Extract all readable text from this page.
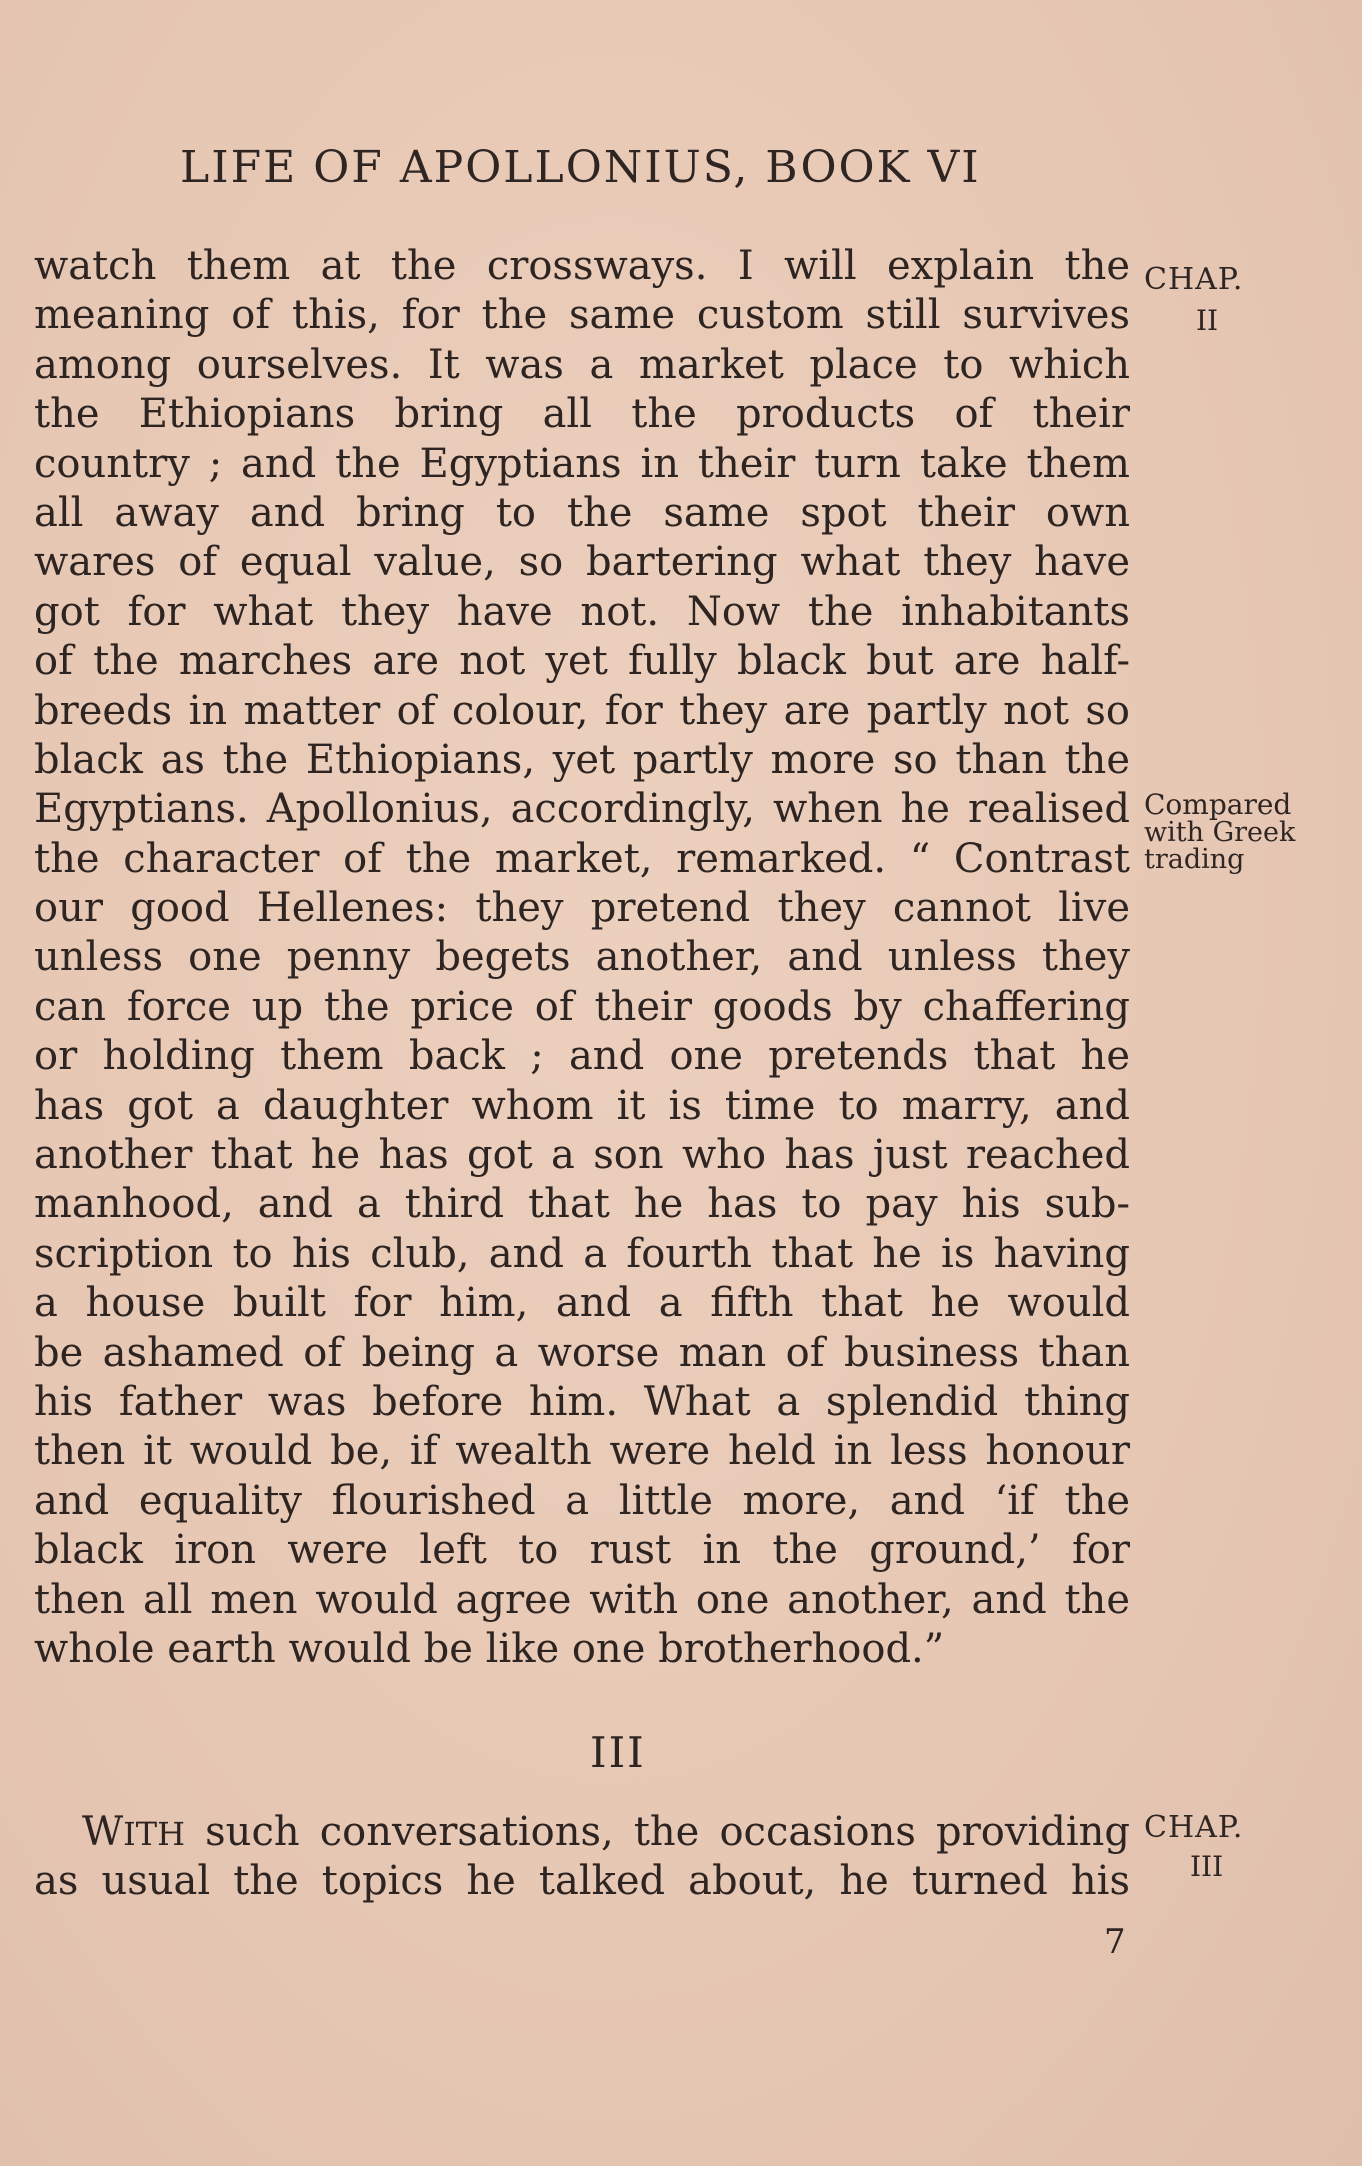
LIFE OF APOLLONIUS, BOOK VI
watch them at the crossways. I will explain the
meaning of this, for the same custom still survives
among ourselves. It was a market place to which
the Ethiopians bring all the products of their
country ; and the Egyptians in their turn take them
all away and bring to the same spot their own
wares of equal value, so bartering what they have
got for what they have not. Now the inhabitants
of the marches are not yet fully black but are half-
breeds in matter of colour, for they are partly not so
black as the Ethiopians, yet partly more so than the
Egyptians. Apollonius, accordingly, when he realised
the character of the market, remarked. “ Contrast
our good Hellenes: they pretend they cannot live
unless one penny begets another, and unless they
can force up the price of their goods by chaffering
or holding them back ; and one pretends that he
has got a daughter whom it is time to marry, and
another that he has got a son who has just reached
manhood, and a third that he has to pay his sub-
scription to his club, and a fourth that he is having
a house built for him, and a fifth that he would
be ashamed of being a worse man of business than
his father was before him. What a splendid thing
then it would be, if wealth were held in less honour
and equality flourished a little more, and ‘if the
black iron were left to rust in the ground,’ for
then all men would agree with one another, and the
whole earth would be like one brotherhood.”
CHAP.
II
Compared
with Greek
trading
III
WITH such conversations, the occasions providing
as usual the topics he talked about, he turned his
CHAP.
III
7
